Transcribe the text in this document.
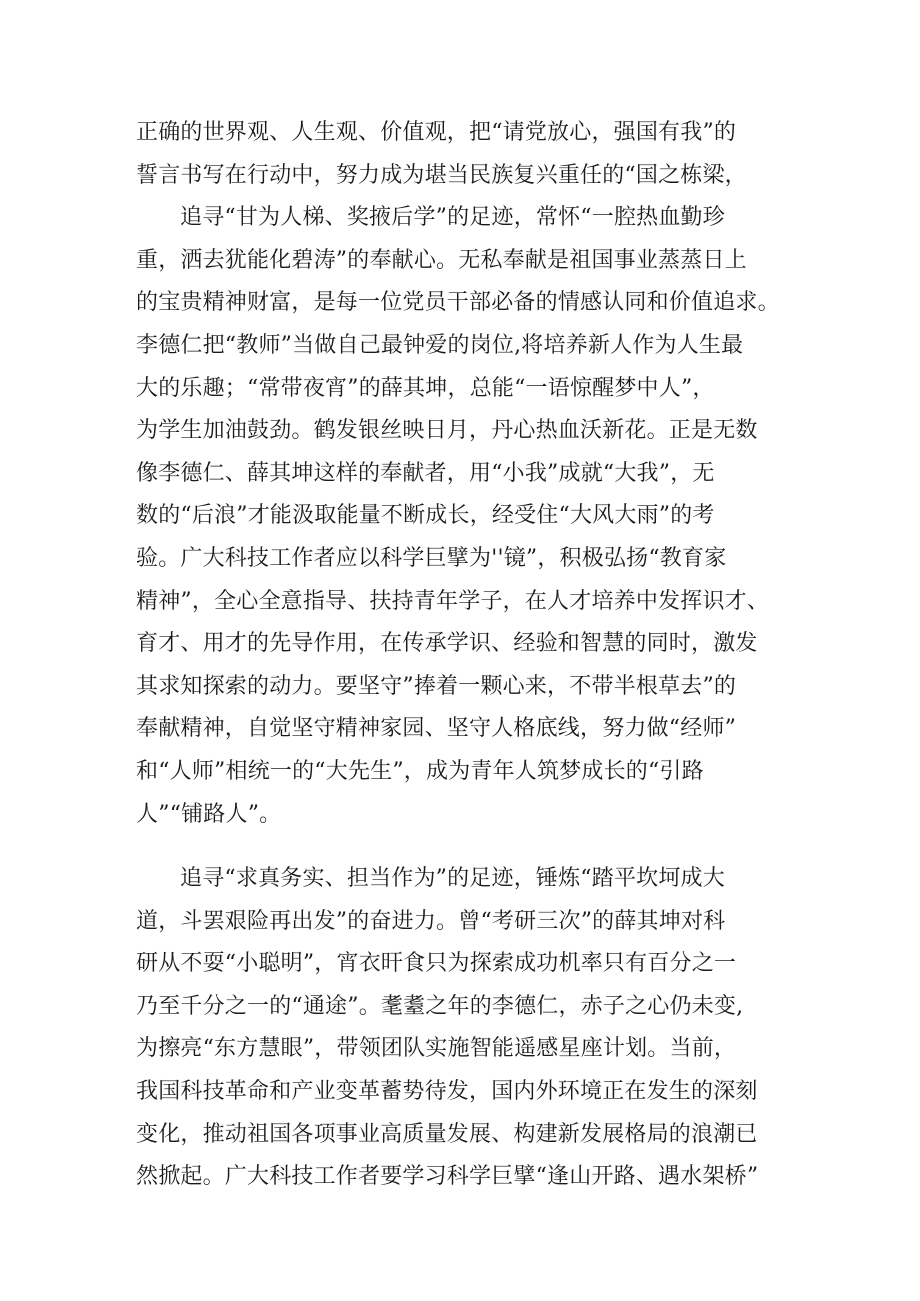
正确的世界观、人生观、价值观，把“请党放心，强国有我”的
誓言书写在行动中，努力成为堪当民族复兴重任的“国之栋梁，
追寻“甘为人梯、奖掖后学”的足迹，常怀“一腔热血勤珍
重，洒去犹能化碧涛”的奉献心。无私奉献是祖国事业蒸蒸日上
的宝贵精神财富，是每一位党员干部必备的情感认同和价值追求。
李德仁把“教师”当做自己最钟爱的岗位,将培养新人作为人生最
大的乐趣；“常带夜宵”的薛其坤，总能“一语惊醒梦中人”，
为学生加油鼓劲。鹤发银丝映日月，丹心热血沃新花。正是无数
像李德仁、薛其坤这样的奉献者，用“小我”成就“大我”，无
数的“后浪”才能汲取能量不断成长，经受住“大风大雨”的考
验。广大科技工作者应以科学巨擘为''镜”，积极弘扬“教育家
精神”，全心全意指导、扶持青年学子，在人才培养中发挥识才、
育才、用才的先导作用，在传承学识、经验和智慧的同时，激发
其求知探索的动力。要坚守”捧着一颗心来，不带半根草去”的
奉献精神，自觉坚守精神家园、坚守人格底线，努力做“经师”
和“人师”相统一的“大先生”，成为青年人筑梦成长的“引路
人”“铺路人”。
追寻“求真务实、担当作为”的足迹，锤炼“踏平坎坷成大
道，斗罢艰险再出发”的奋进力。曾“考研三次”的薛其坤对科
研从不耍“小聪明”，宵衣旰食只为探索成功机率只有百分之一
乃至千分之一的“通途”。耄耋之年的李德仁，赤子之心仍未变,
为擦亮“东方慧眼”，带领团队实施智能遥感星座计划。当前，
我国科技革命和产业变革蓄势待发，国内外环境正在发生的深刻
变化，推动祖国各项事业高质量发展、构建新发展格局的浪潮已
然掀起。广大科技工作者要学习科学巨擘“逢山开路、遇水架桥”
